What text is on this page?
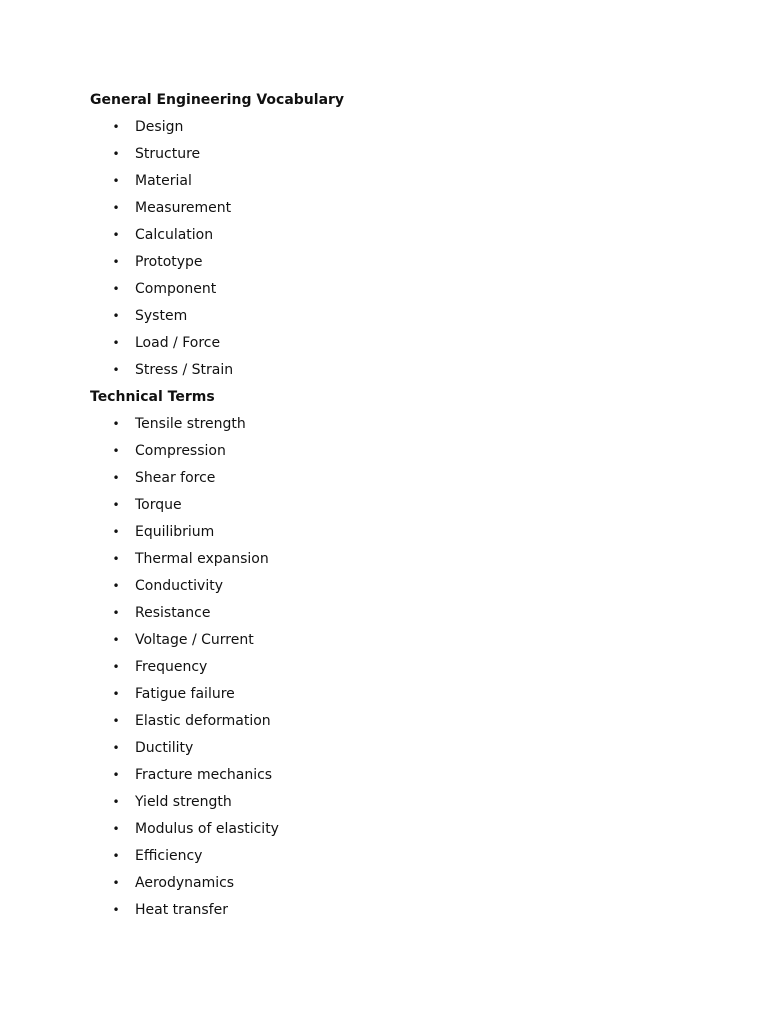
General Engineering Vocabulary
• Design
• Structure
• Material
• Measurement
• Calculation
• Prototype
• Component
• System
• Load / Force
• Stress / Strain
Technical Terms
• Tensile strength
• Compression
• Shear force
• Torque
• Equilibrium
• Thermal expansion
• Conductivity
• Resistance
• Voltage / Current
• Frequency
• Fatigue failure
• Elastic deformation
• Ductility
• Fracture mechanics
• Yield strength
• Modulus of elasticity
• Efficiency
• Aerodynamics
• Heat transfer
